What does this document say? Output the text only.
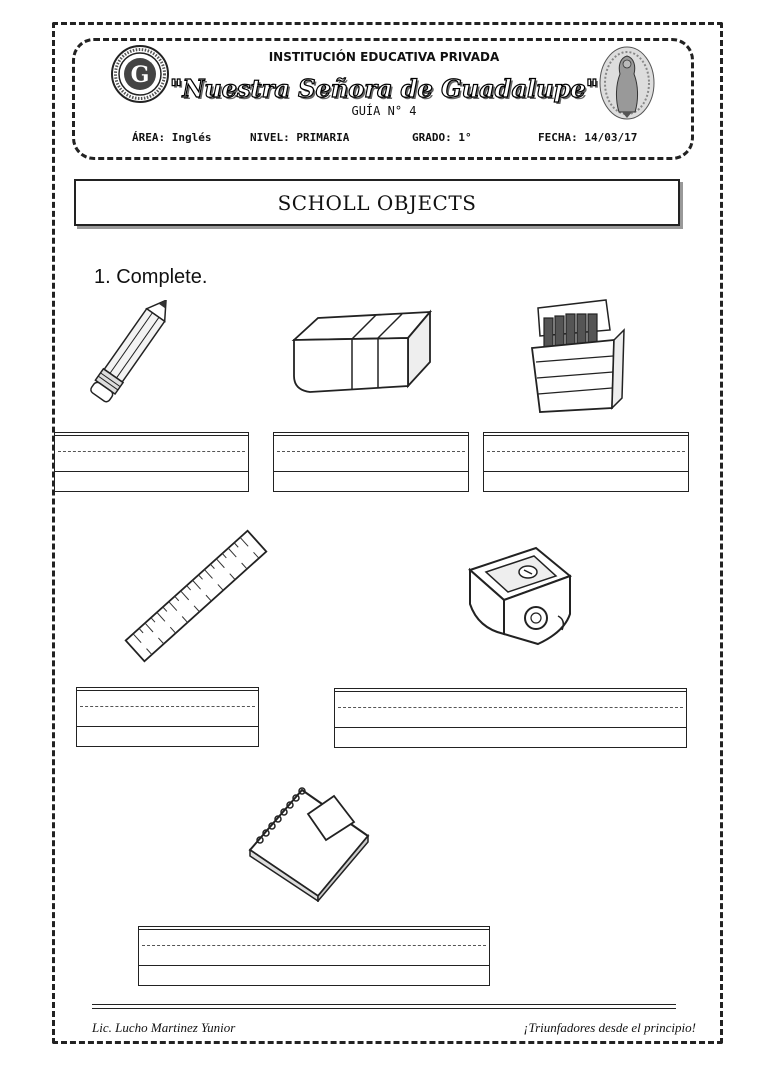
G
INSTITUCIÓN EDUCATIVA PRIVADA
"Nuestra Señora de Guadalupe"
GUÍA N° 4
ÁREA: Inglés	NIVEL: PRIMARIA	GRADO: 1°	FECHA: 14/03/17
SCHOLL OBJECTS
1. Complete.
Lic. Lucho Martinez Yunior	¡Triunfadores desde el principio!
